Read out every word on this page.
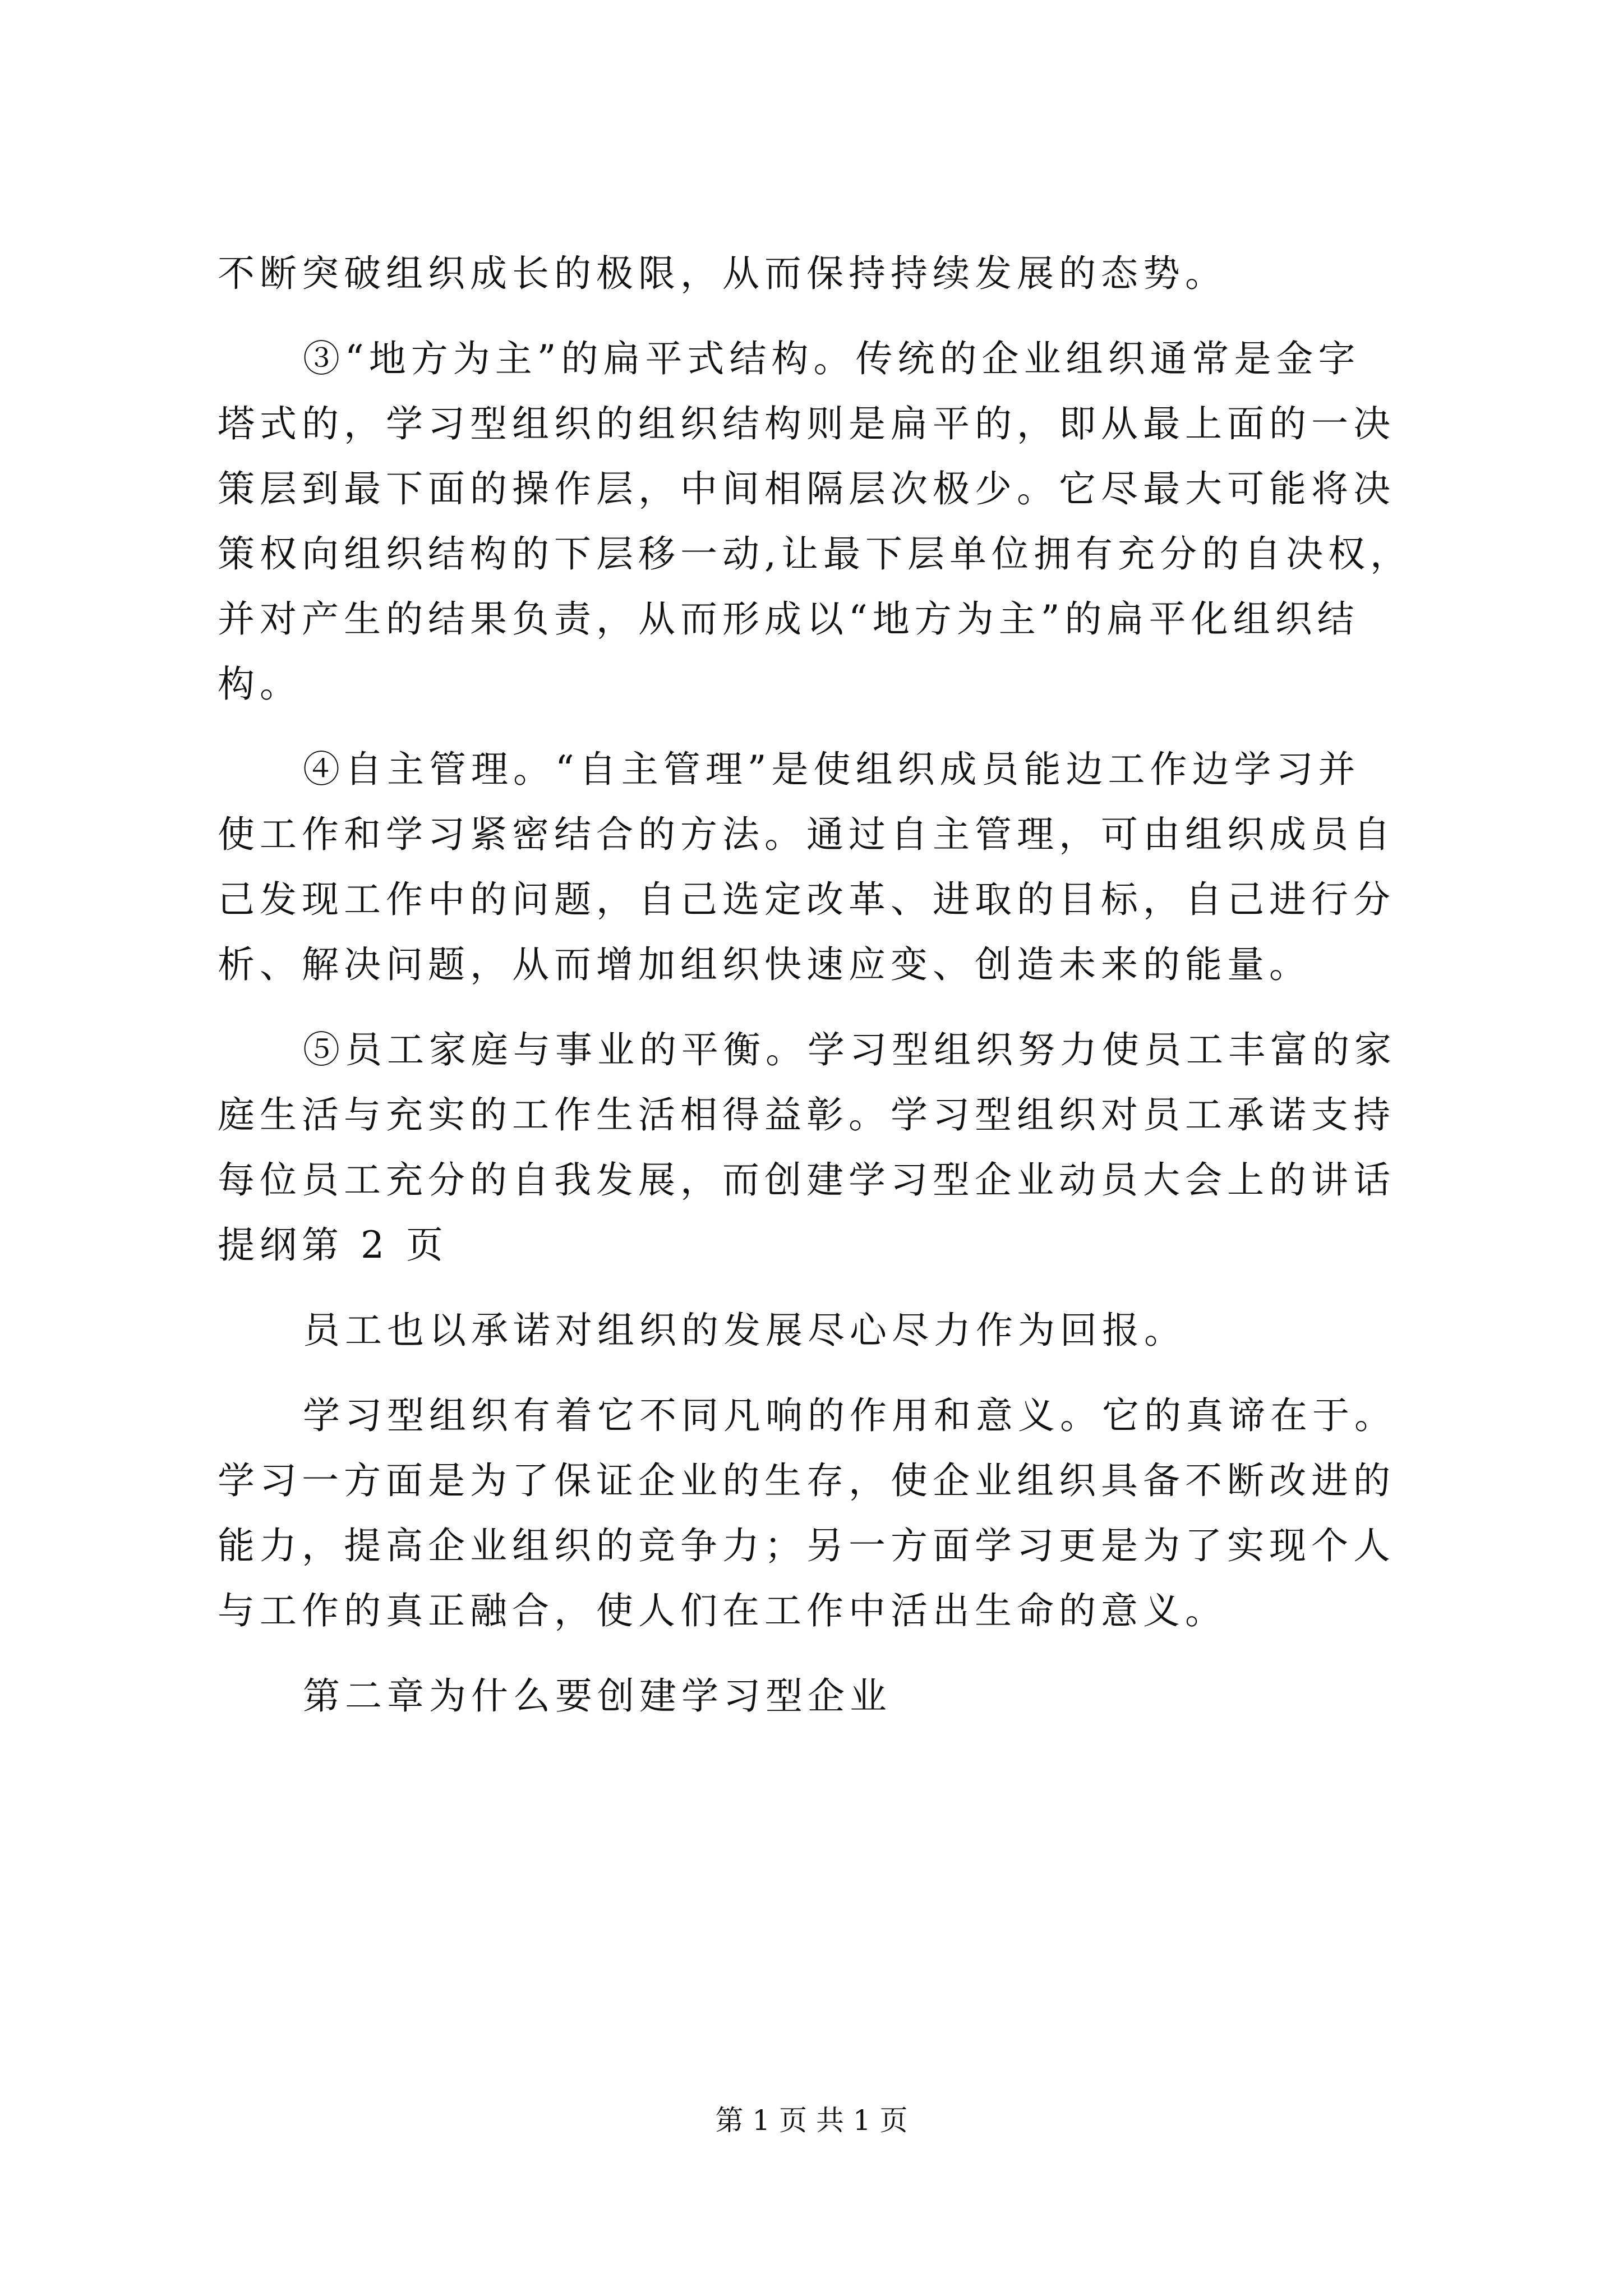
不断突破组织成长的极限，从而保持持续发展的态势。
③“地方为主”的扁平式结构。传统的企业组织通常是金字
塔式的，学习型组织的组织结构则是扁平的，即从最上面的一决
策层到最下面的操作层，中间相隔层次极少。它尽最大可能将决
策权向组织结构的下层移一动,让最下层单位拥有充分的自决权，
并对产生的结果负责，从而形成以“地方为主”的扁平化组织结
构。
④自主管理。“自主管理”是使组织成员能边工作边学习并
使工作和学习紧密结合的方法。通过自主管理，可由组织成员自
己发现工作中的问题，自己选定改革、进取的目标，自己进行分
析、解决问题，从而增加组织快速应变、创造未来的能量。
⑤员工家庭与事业的平衡。学习型组织努力使员工丰富的家
庭生活与充实的工作生活相得益彰。学习型组织对员工承诺支持
每位员工充分的自我发展，而创建学习型企业动员大会上的讲话
提纲第 2 页
员工也以承诺对组织的发展尽心尽力作为回报。
学习型组织有着它不同凡响的作用和意义。它的真谛在于。
学习一方面是为了保证企业的生存，使企业组织具备不断改进的
能力，提高企业组织的竞争力；另一方面学习更是为了实现个人
与工作的真正融合，使人们在工作中活出生命的意义。
第二章为什么要创建学习型企业
第 1 页 共 1 页
